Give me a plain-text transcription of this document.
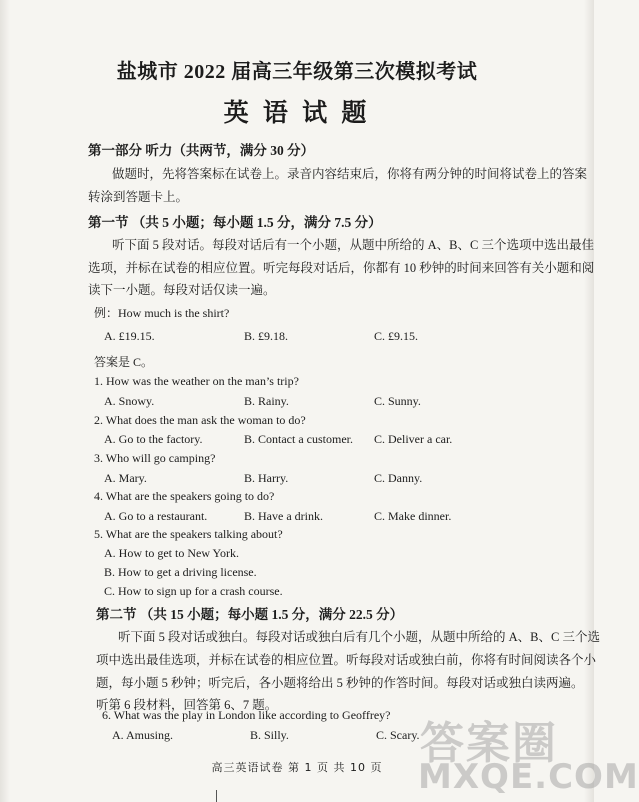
盐城市 2022 届高三年级第三次模拟考试
英 语 试 题
第一部分 听力（共两节，满分 30 分）
做题时，先将答案标在试卷上。录音内容结束后，你将有两分钟的时间将试卷上的答案
转涂到答题卡上。
第一节 （共 5 小题；每小题 1.5 分，满分 7.5 分）
听下面 5 段对话。每段对话后有一个小题，从题中所给的 A、B、C 三个选项中选出最佳
选项，并标在试卷的相应位置。听完每段对话后，你都有 10 秒钟的时间来回答有关小题和阅
读下一小题。每段对话仅读一遍。
例：How much is the shirt?
A. £19.15.	B. £9.18.	C. £9.15.
答案是 C。
1. How was the weather on the man’s trip?
A. Snowy.	B. Rainy.	C. Sunny.
2. What does the man ask the woman to do?
A. Go to the factory.	B. Contact a customer. C. Deliver a car.
3. Who will go camping?
A. Mary.	B. Harry.	C. Danny.
4. What are the speakers going to do?
A. Go to a restaurant.	B. Have a drink.	C. Make dinner.
5. What are the speakers talking about?
A. How to get to New York.
B. How to get a driving license.
C. How to sign up for a crash course.
第二节 （共 15 小题；每小题 1.5 分，满分 22.5 分）
听下面 5 段对话或独白。每段对话或独白后有几个小题，从题中所给的 A、B、C 三个选
项中选出最佳选项，并标在试卷的相应位置。听每段对话或独白前，你将有时间阅读各个小
题，每小题 5 秒钟；听完后，各小题将给出 5 秒钟的作答时间。每段对话或独白读两遍。
听第 6 段材料，回答第 6、7 题。
6. What was the play in London like according to Geoffrey?
A. Amusing.	B. Silly.	C. Scary.
高三英语试卷 第 1 页 共 10 页 答案圈
MXQE.COM
